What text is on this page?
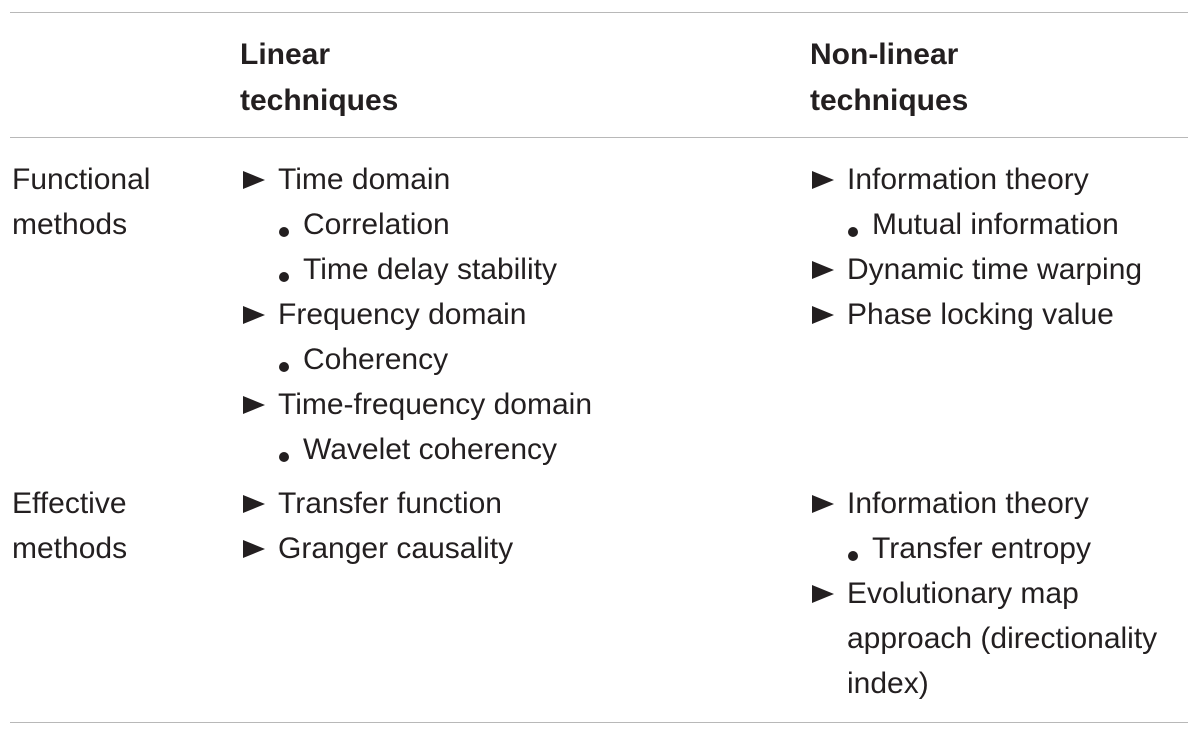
Linear
techniques
Non-linear
techniques
Functional
methods
Time domain
Correlation
Time delay stability
Frequency domain
Coherency
Time-frequency domain
Wavelet coherency
Information theory
Mutual information
Dynamic time warping
Phase locking value
Effective
methods
Transfer function
Granger causality
Information theory
Transfer entropy
Evolutionary map
approach (directionality
index)
